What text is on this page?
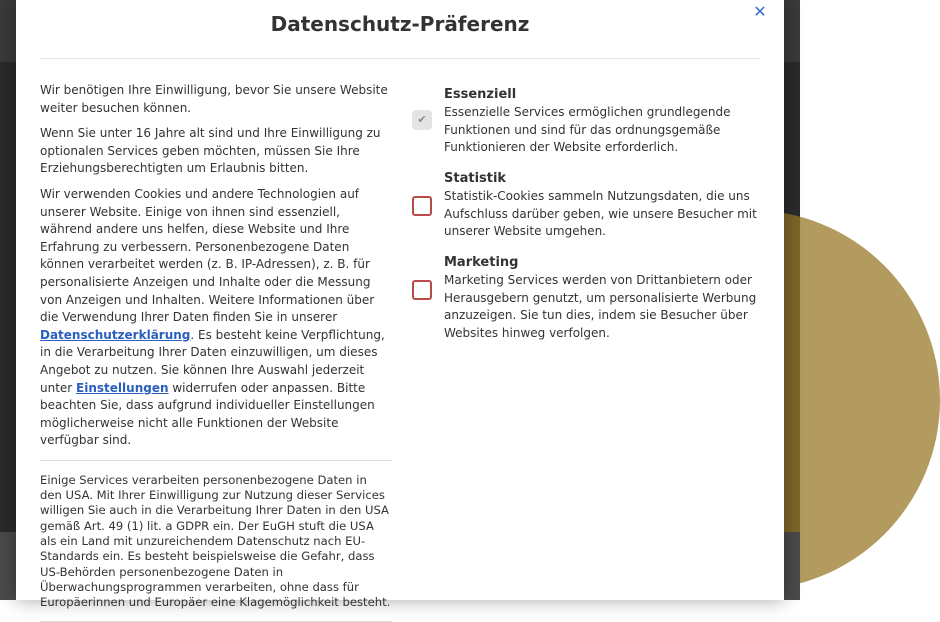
Datenschutz-Präferenz
✕

Wir benötigen Ihre Einwilligung, bevor Sie unsere Website weiter besuchen können.

Wenn Sie unter 16 Jahre alt sind und Ihre Einwilligung zu optionalen Services geben möchten, müssen Sie Ihre Erziehungsberechtigten um Erlaubnis bitten.

Wir verwenden Cookies und andere Technologien auf unserer Website. Einige von ihnen sind essenziell, während andere uns helfen, diese Website und Ihre Erfahrung zu verbessern. Personenbezogene Daten können verarbeitet werden (z. B. IP-Adressen), z. B. für personalisierte Anzeigen und Inhalte oder die Messung von Anzeigen und Inhalten. Weitere Informationen über die Verwendung Ihrer Daten finden Sie in unserer Datenschutzerklärung. Es besteht keine Verpflichtung, in die Verarbeitung Ihrer Daten einzuwilligen, um dieses Angebot zu nutzen. Sie können Ihre Auswahl jederzeit unter Einstellungen widerrufen oder anpassen. Bitte beachten Sie, dass aufgrund individueller Einstellungen möglicherweise nicht alle Funktionen der Website verfügbar sind.

Einige Services verarbeiten personenbezogene Daten in den USA. Mit Ihrer Einwilligung zur Nutzung dieser Services willigen Sie auch in die Verarbeitung Ihrer Daten in den USA gemäß Art. 49 (1) lit. a GDPR ein. Der EuGH stuft die USA als ein Land mit unzureichendem Datenschutz nach EU-Standards ein. Es besteht beispielsweise die Gefahr, dass US-Behörden personenbezogene Daten in Überwachungsprogrammen verarbeiten, ohne dass für Europäerinnen und Europäer eine Klagemöglichkeit besteht.

✔

Essenziell

Essenzielle Services ermöglichen grundlegende Funktionen und sind für das ordnungsgemäße Funktionieren der Website erforderlich.

Statistik

Statistik-Cookies sammeln Nutzungsdaten, die uns Aufschluss darüber geben, wie unsere Besucher mit unserer Website umgehen.

Marketing

Marketing Services werden von Drittanbietern oder Herausgebern genutzt, um personalisierte Werbung anzuzeigen. Sie tun dies, indem sie Besucher über Websites hinweg verfolgen.
